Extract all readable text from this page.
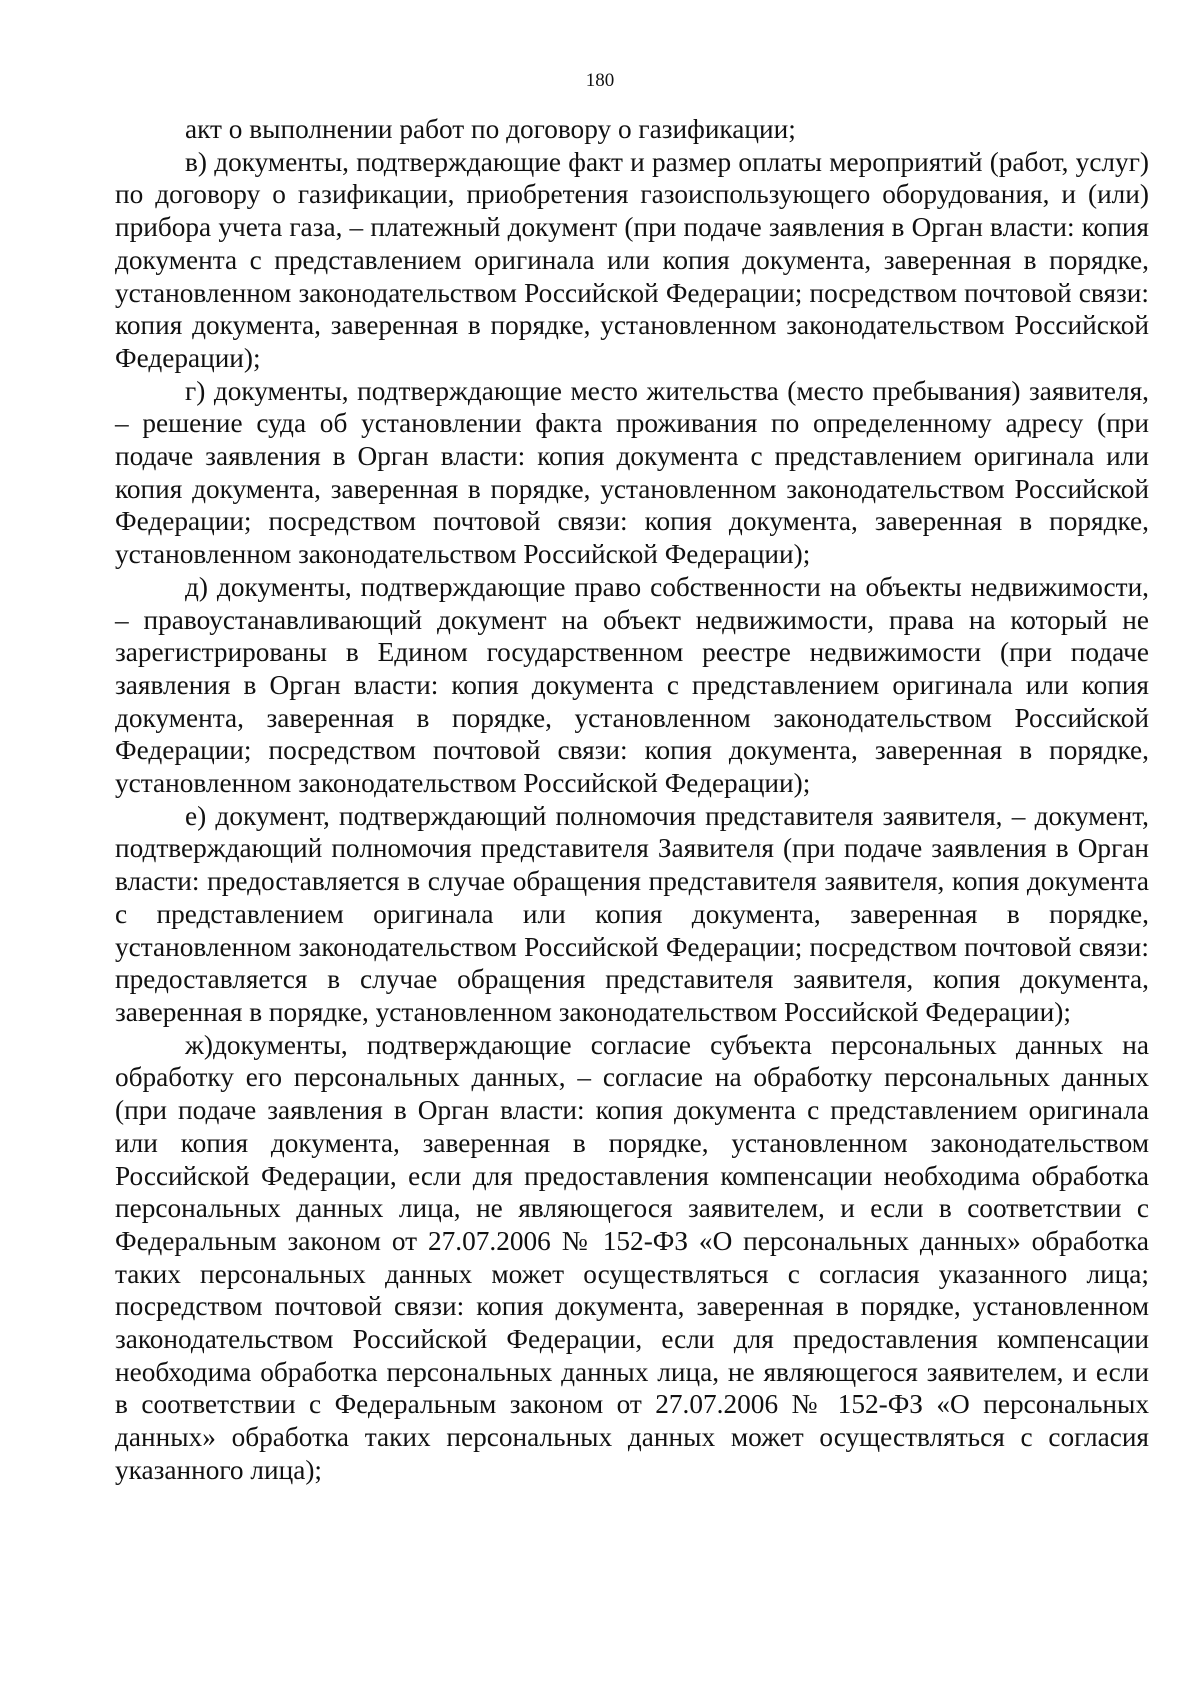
180

акт о выполнении работ по договору о газификации;

в) документы, подтверждающие факт и размер оплаты мероприятий (работ, услуг) по договору о газификации, приобретения газоиспользующего оборудования, и (или) прибора учета газа, – платежный документ (при подаче заявления в Орган власти: копия документа с представлением оригинала или копия документа, заверенная в порядке, установленном законодательством Российской Федерации; посредством почтовой связи: копия документа, заверенная в порядке, установленном законодательством Российской Федерации);

г) документы, подтверждающие место жительства (место пребывания) заявителя, – решение суда об установлении факта проживания по определенному адресу (при подаче заявления в Орган власти: копия документа с представлением оригинала или копия документа, заверенная в порядке, установленном законодательством Российской Федерации; посредством почтовой связи: копия документа, заверенная в порядке, установленном законодательством Российской Федерации);

д) документы, подтверждающие право собственности на объекты недвижимости, – правоустанавливающий документ на объект недвижимости, права на который не зарегистрированы в Едином государственном реестре недвижимости (при подаче заявления в Орган власти: копия документа с представлением оригинала или копия документа, заверенная в порядке, установленном законодательством Российской Федерации; посредством почтовой связи: копия документа, заверенная в порядке, установленном законодательством Российской Федерации);

е) документ, подтверждающий полномочия представителя заявителя, – документ, подтверждающий полномочия представителя Заявителя (при подаче заявления в Орган власти: предоставляется в случае обращения представителя заявителя, копия документа с представлением оригинала или копия документа, заверенная в порядке, установленном законодательством Российской Федерации; посредством почтовой связи: предоставляется в случае обращения представителя заявителя, копия документа, заверенная в порядке, установленном законодательством Российской Федерации);

ж)документы, подтверждающие согласие субъекта персональных данных на обработку его персональных данных, – согласие на обработку персональных данных (при подаче заявления в Орган власти: копия документа с представлением оригинала или копия документа, заверенная в порядке, установленном законодательством Российской Федерации, если для предоставления компенсации необходима обработка персональных данных лица, не являющегося заявителем, и если в соответствии с Федеральным законом от 27.07.2006 № 152-ФЗ «О персональных данных» обработка таких персональных данных может осуществляться с согласия указанного лица; посредством почтовой связи: копия документа, заверенная в порядке, установленном законодательством Российской Федерации, если для предоставления компенсации необходима обработка персональных данных лица, не являющегося заявителем, и если в соответствии с Федеральным законом от 27.07.2006 № 152-ФЗ «О персональных данных» обработка таких персональных данных может осуществляться с согласия указанного лица);
